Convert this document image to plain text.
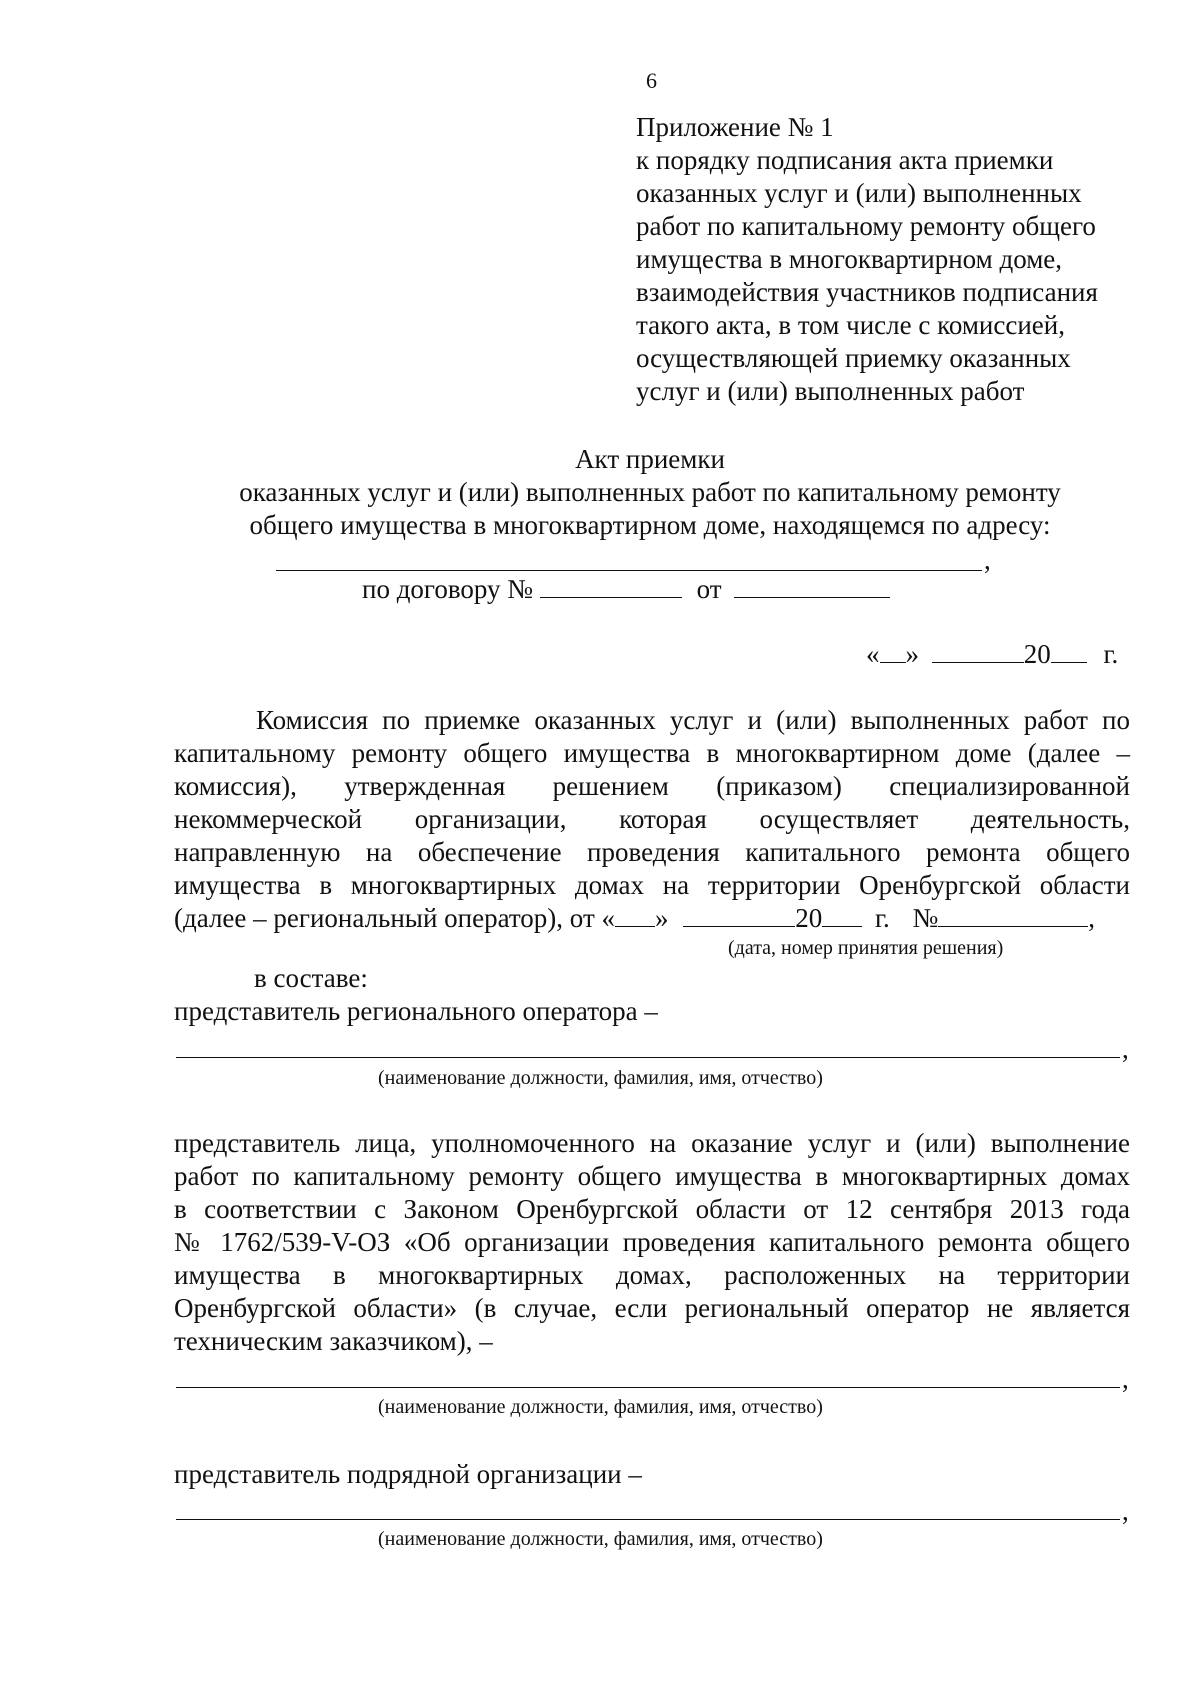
6
Приложение № 1
к порядку подписания акта приемки
оказанных услуг и (или) выполненных
работ по капитальному ремонту общего
имущества в многоквартирном доме,
взаимодействия участников подписания
такого акта, в том числе с комиссией,
осуществляющей приемку оказанных
услуг и (или) выполненных работ
Акт приемки
оказанных услуг и (или) выполненных работ по капитальному ремонту
общего имущества в многоквартирном доме, находящемся по адресу:
,
по договору №	от
« »	20 г.
Комиссия по приемке оказанных услуг и (или) выполненных работ по
капитальному ремонту общего имущества в многоквартирном доме (далее –
комиссия), утвержденная решением (приказом) специализированной
некоммерческой организации, которая осуществляет деятельность,
направленную на обеспечение проведения капитального ремонта общего
имущества в многоквартирных домах на территории Оренбургской области
(далее – региональный оператор), от « »	20 г. №	,
(дата, номер принятия решения)
в составе:
представитель регионального оператора –
,
(наименование должности, фамилия, имя, отчество)
представитель лица, уполномоченного на оказание услуг и (или) выполнение
работ по капитальному ремонту общего имущества в многоквартирных домах
в соответствии с Законом Оренбургской области от 12 сентября 2013 года
№ 1762/539-V-ОЗ «Об организации проведения капитального ремонта общего
имущества в многоквартирных домах, расположенных на территории
Оренбургской области» (в случае, если региональный оператор не является
техническим заказчиком), –
,
(наименование должности, фамилия, имя, отчество)
представитель подрядной организации –
,
(наименование должности, фамилия, имя, отчество)
